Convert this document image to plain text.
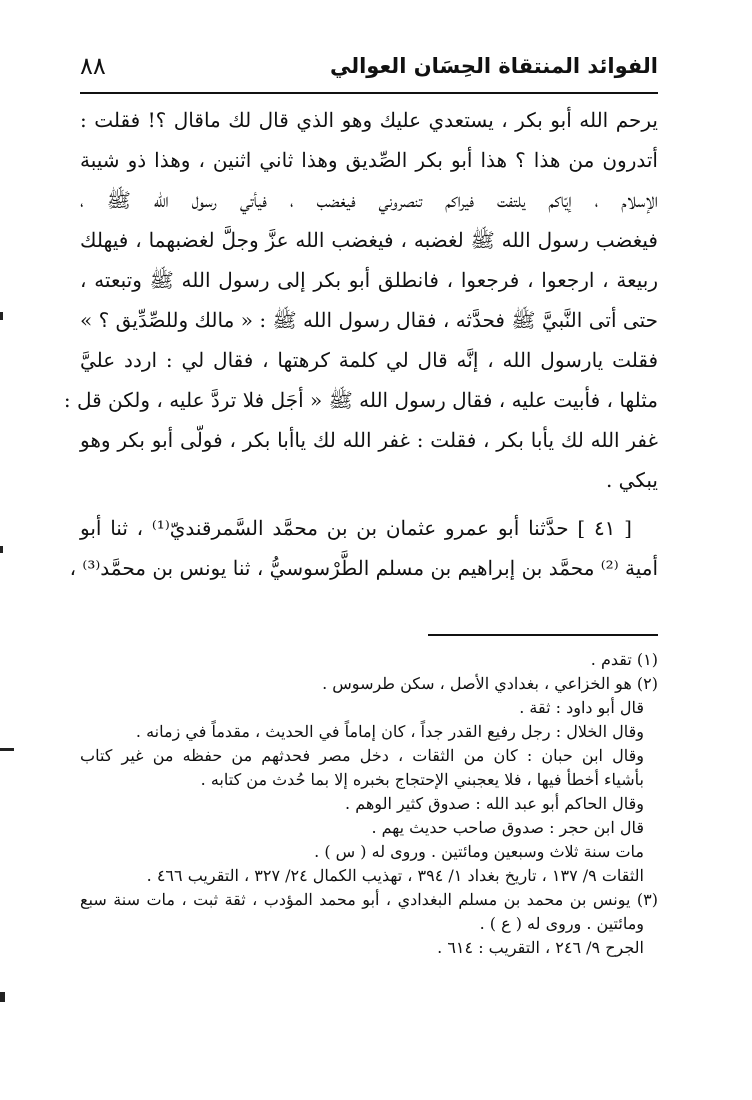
الفوائد المنتقاة الحِسَان العوالي
٨٨
يرحم الله أبو بكر ، يستعدي عليك وهو الذي قال لك ماقال ؟! فقلت :
أتدرون من هذا ؟ هذا أبو بكر الصِّديق وهذا ثاني اثنين ، وهذا ذو شيبة
الإسلام ، إيّاكم يلتفت فيراكم تنصروني فيغضب ، فيأتي رسول الله ﷺ ،
فيغضب رسول الله ﷺ لغضبه ، فيغضب الله عزَّ وجلَّ لغضبهما ، فيهلك
ربيعة ، ارجعوا ، فرجعوا ، فانطلق أبو بكر إلى رسول الله ﷺ وتبعته ،
حتى أتى النَّبيَّ ﷺ فحدَّثه ، فقال رسول الله ﷺ : « مالك وللصِّدِّيق ؟ »
فقلت يارسول الله ، إنَّه قال لي كلمة كرهتها ، فقال لي : اردد عليَّ
مثلها ، فأبيت عليه ، فقال رسول الله ﷺ « أجَل فلا تردَّ عليه ، ولكن قل :
غفر الله لك يأبا بكر ، فقلت : غفر الله لك ياأبا بكر ، فولّى أبو بكر وهو
يبكي .
[ ٤١ ] حدَّثنا أبو عمرو عثمان بن بن محمَّد السَّمرقنديّ⁽¹⁾ ، ثنا أبو
أمية ⁽²⁾ محمَّد بن إبراهيم بن مسلم الطَّرْسوسيُّ ، ثنا يونس بن محمَّد⁽³⁾ ،
(١) تقدم .
(٢) هو الخزاعي ، بغدادي الأصل ، سكن طرسوس .
قال أبو داود : ثقة .
وقال الخلال : رجل رفيع القدر جداً ، كان إماماً في الحديث ، مقدماً في زمانه .
وقال ابن حبان : كان من الثقات ، دخل مصر فحدثهم من حفظه من غير كتاب
بأشياء أخطأ فيها ، فلا يعجبني الإحتجاج بخبره إلا بما حُدث من كتابه .
وقال الحاكم أبو عبد الله : صدوق كثير الوهم .
قال ابن حجر : صدوق صاحب حديث يهم .
مات سنة ثلاث وسبعين ومائتين . وروى له ( س ) .
الثقات ٩/ ١٣٧ ، تاريخ بغداد ١/ ٣٩٤ ، تهذيب الكمال ٢٤/ ٣٢٧ ، التقريب ٤٦٦ .
(٣) يونس بن محمد بن مسلم البغدادي ، أبو محمد المؤدب ، ثقة ثبت ، مات سنة سبع
ومائتين . وروى له ( ع ) .
الجرح ٩/ ٢٤٦ ، التقريب : ٦١٤ .
